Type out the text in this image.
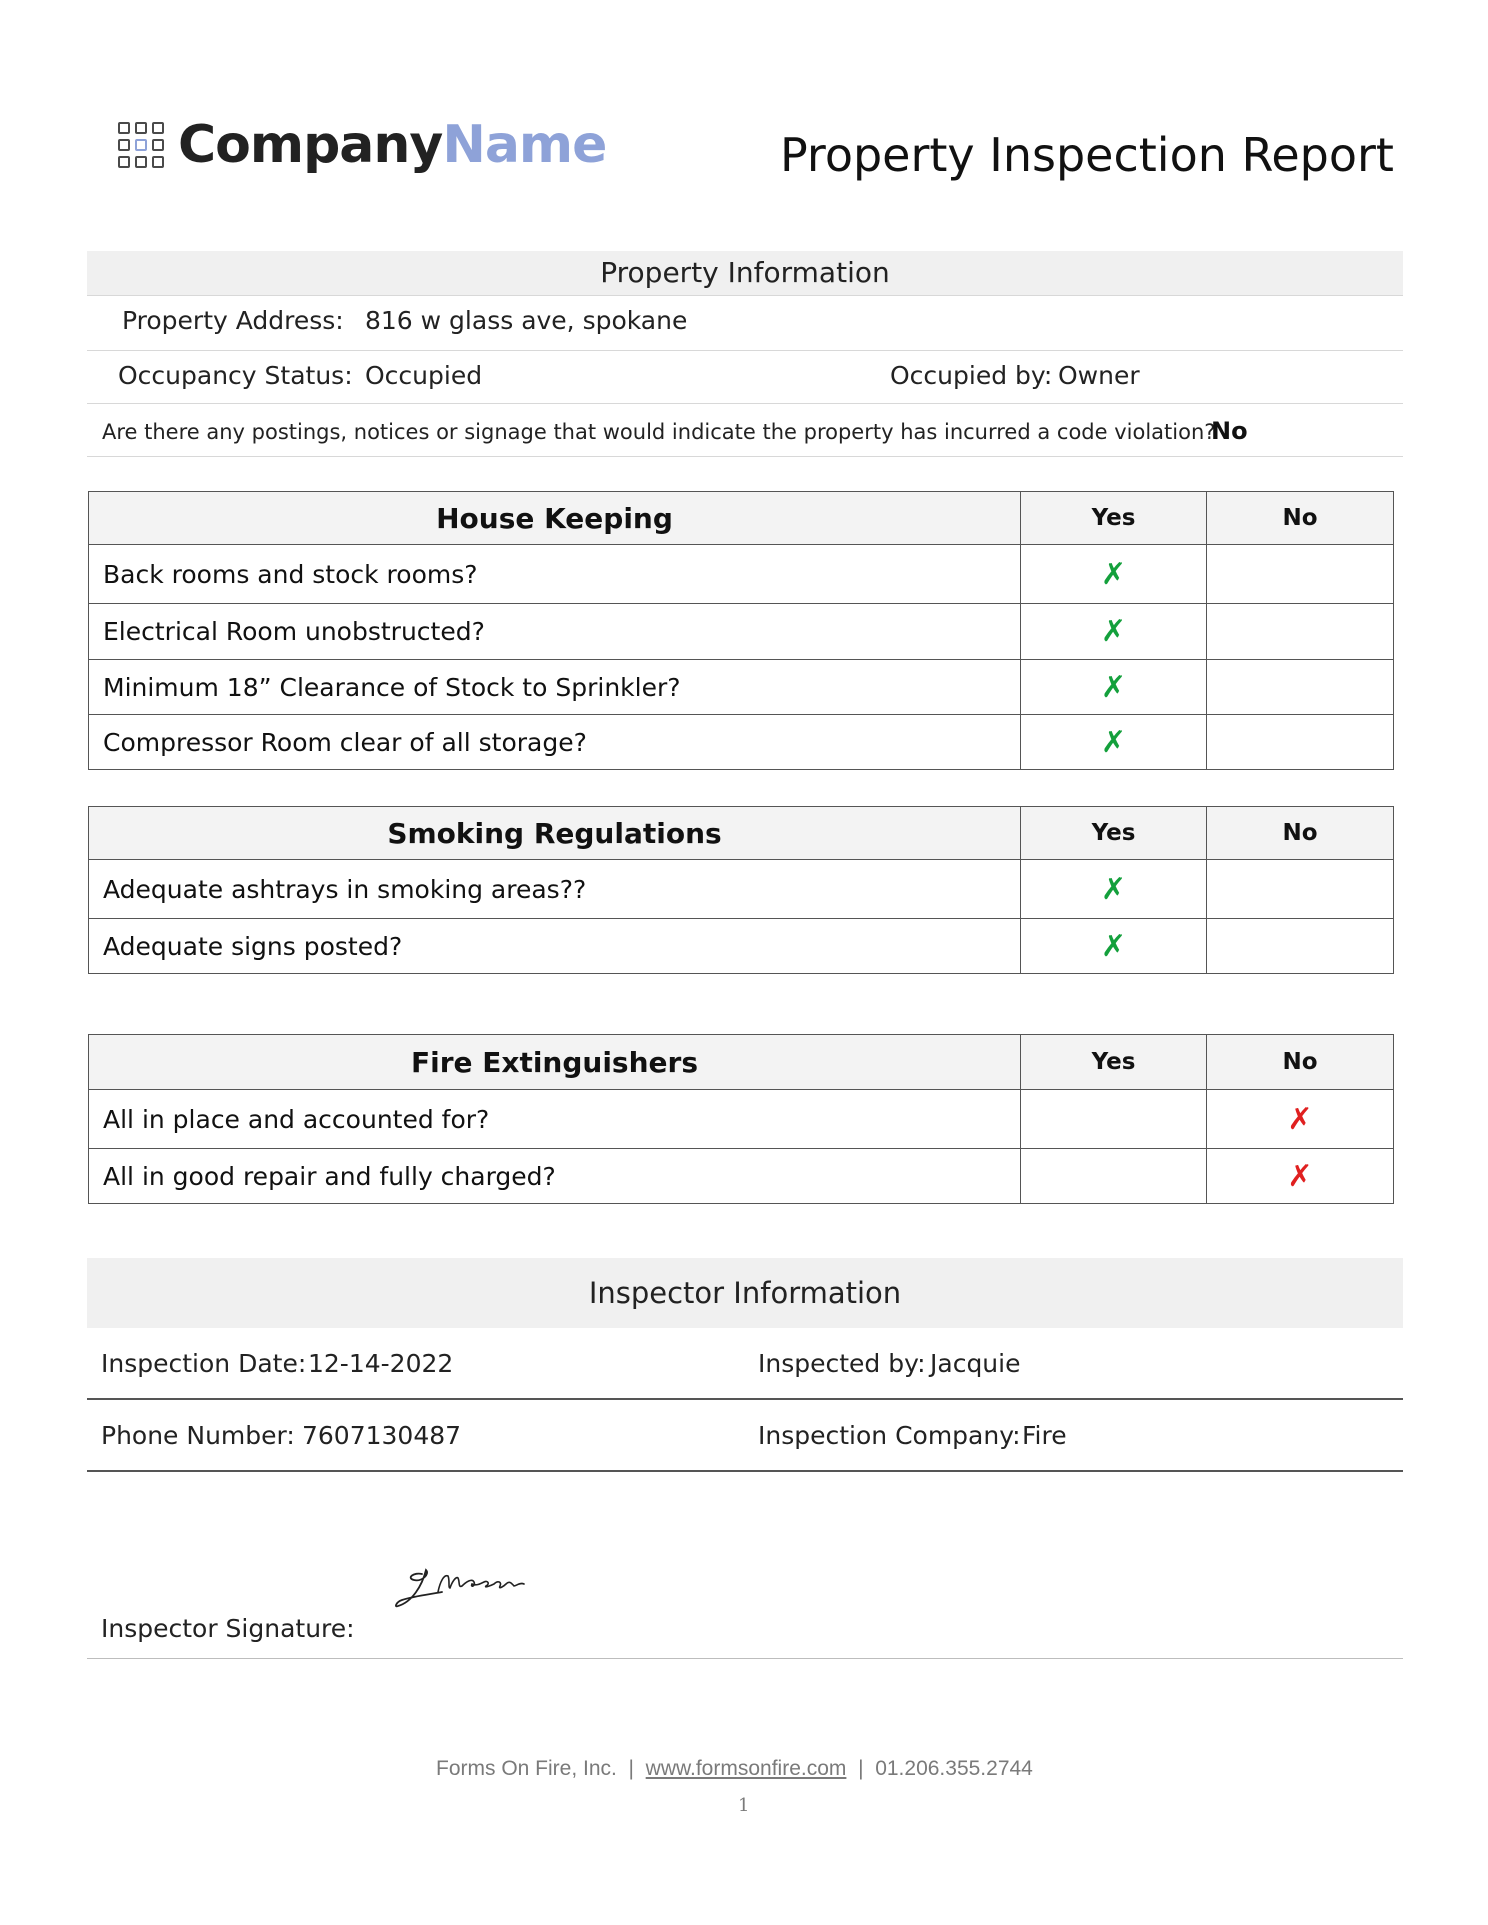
CompanyName	Property Inspection Report
Property Information
Property Address: 816 w glass ave, spokane
Occupancy Status: Occupied	Occupied by: Owner
Are there any postings, notices or signage that would indicate the property has incurred a code violation?
No
House Keeping	Yes	No
Back rooms and stock rooms?	✗	
Electrical Room unobstructed?	✗	
Minimum 18” Clearance of Stock to Sprinkler?	✗	
Compressor Room clear of all storage?	✗	
Smoking Regulations	Yes	No
Adequate ashtrays in smoking areas??	✗	
Adequate signs posted?	✗	
Fire Extinguishers	Yes	No
All in place and accounted for?		✗
All in good repair and fully charged?		✗
Inspector Information
Inspection Date: 12-14-2022	Inspected by: Jacquie
Phone Number: 7607130487	Inspection Company: Fire
Inspector Signature:
Forms On Fire, Inc. | www.formsonfire.com | 01.206.355.2744
1
